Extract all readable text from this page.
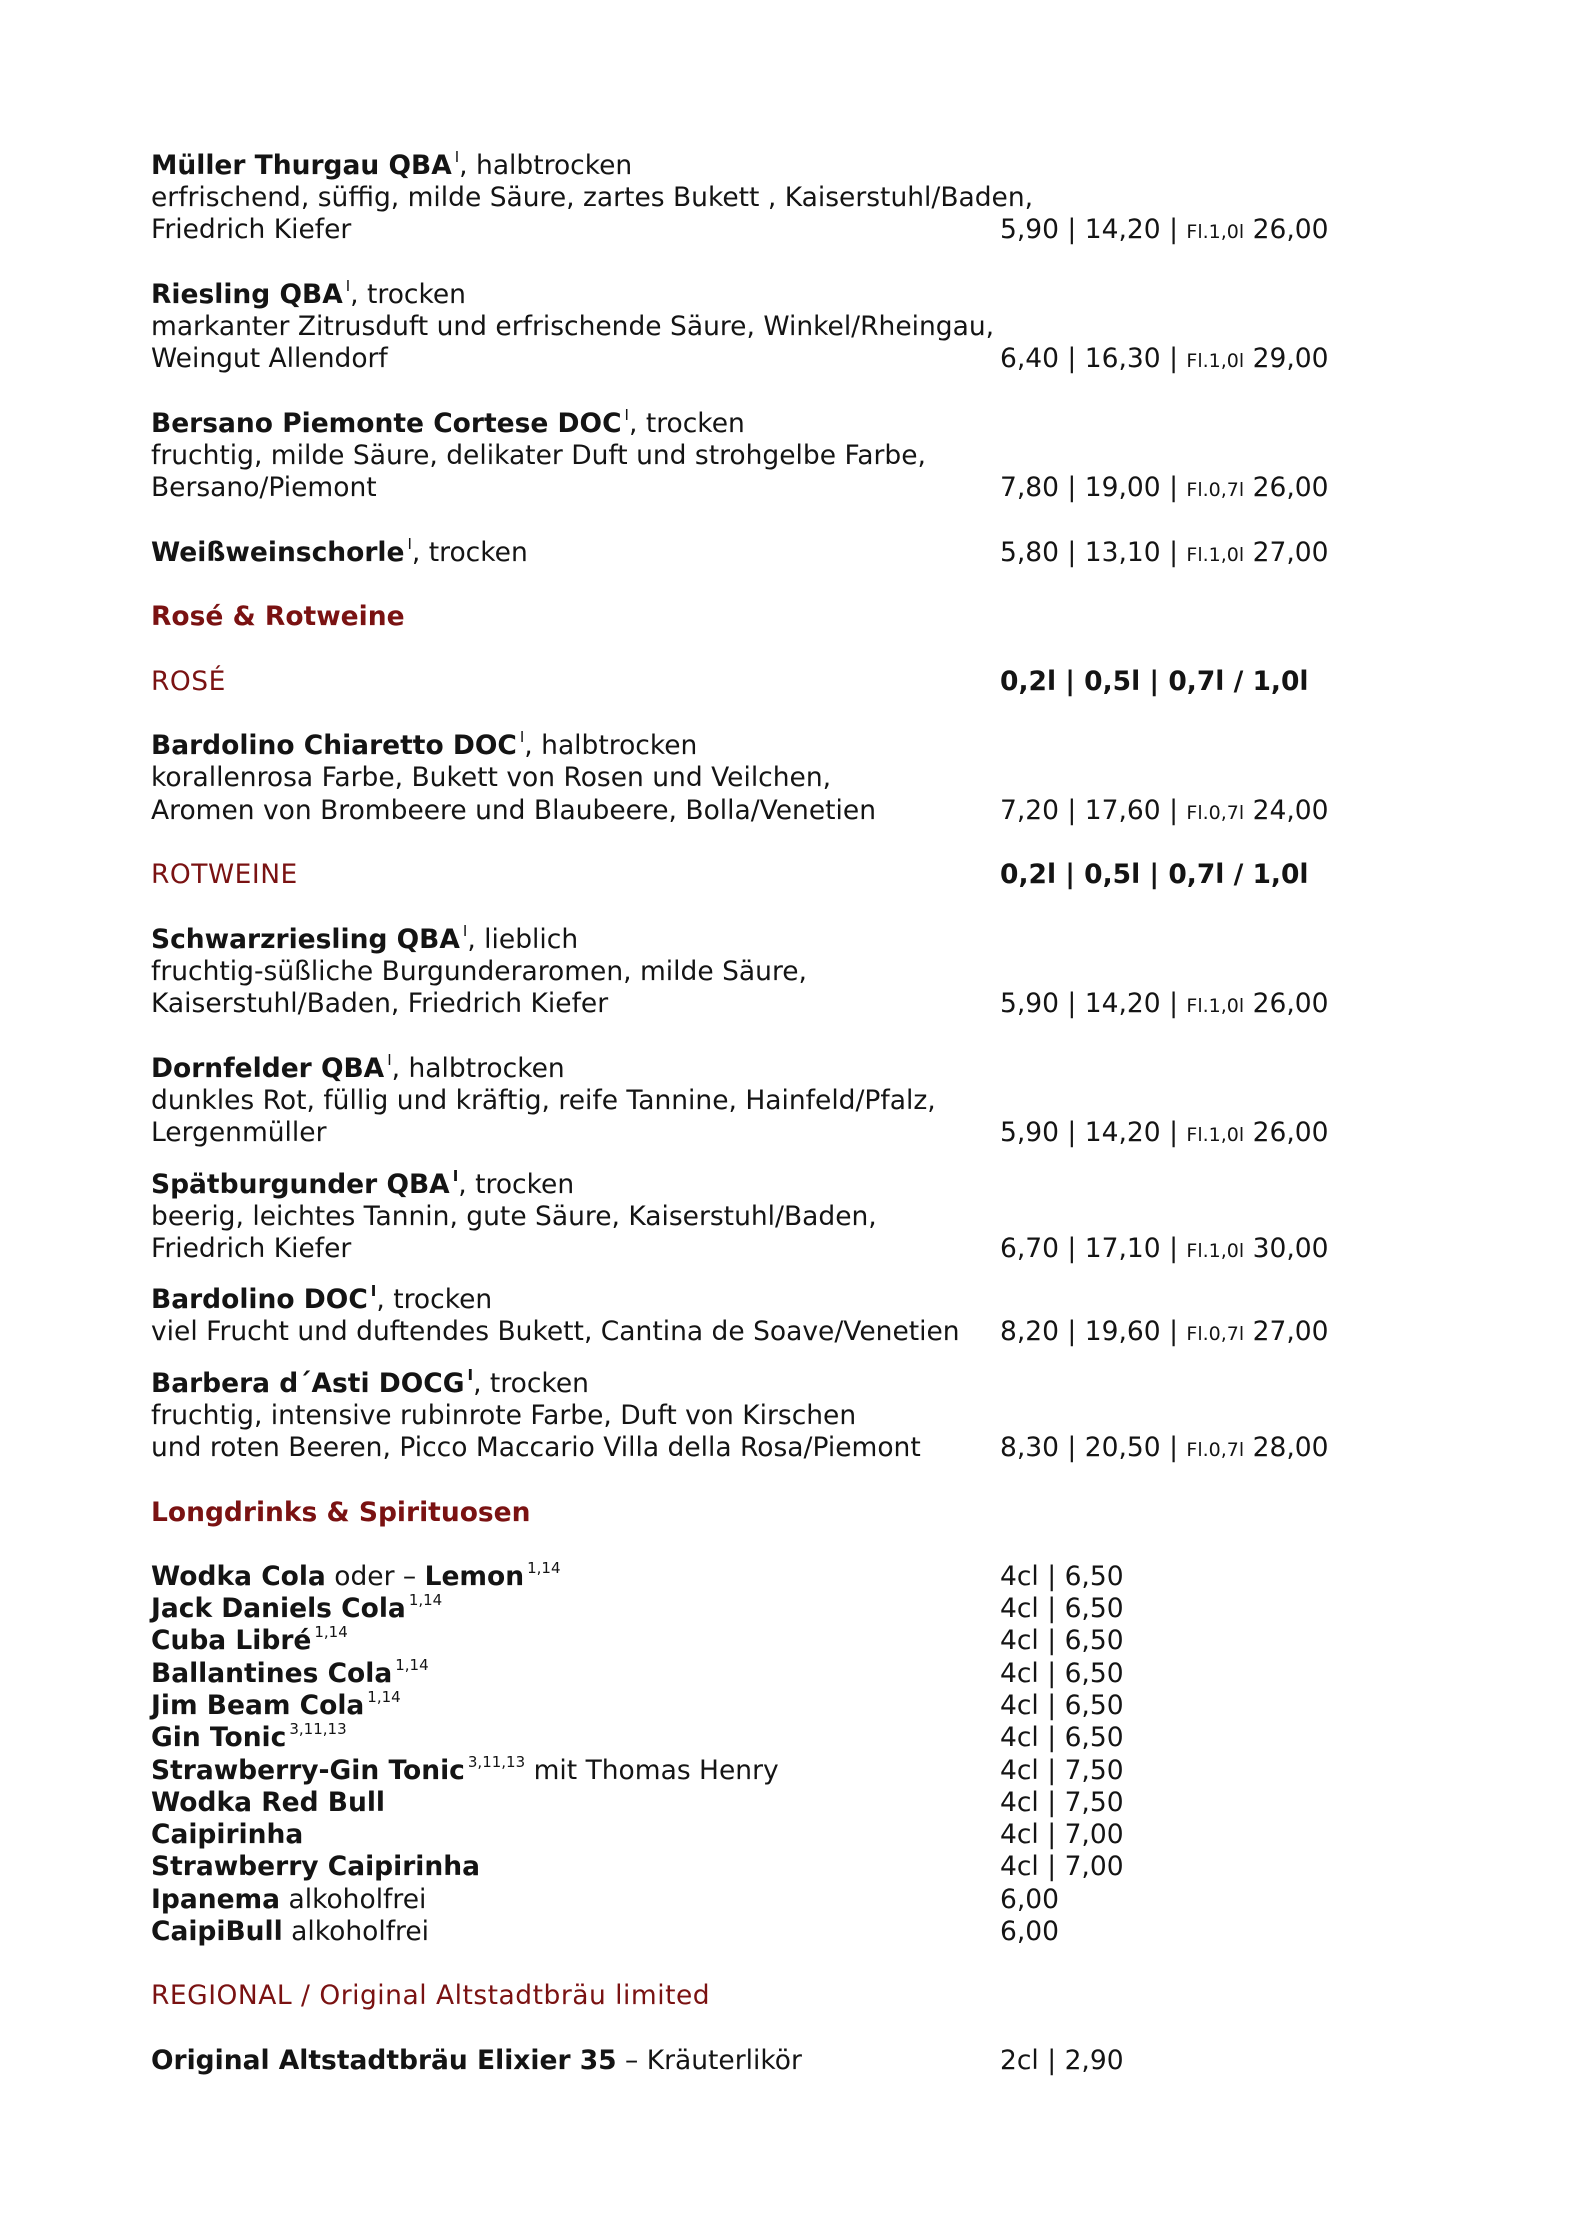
Müller Thurgau QBA $^I$, halbtrocken
erfrischend, süffig, milde Säure, zartes Bukett , Kaiserstuhl/Baden,
Friedrich Kiefer	5,90 | 14,20 | Fl.1,0l 26,00
Riesling QBA $^I$, trocken
markanter Zitrusduft und erfrischende Säure, Winkel/Rheingau,
Weingut Allendorf	6,40 | 16,30 | Fl.1,0l 29,00
Bersano Piemonte Cortese DOC $^I$, trocken
fruchtig, milde Säure, delikater Duft und strohgelbe Farbe,
Bersano/Piemont	7,80 | 19,00 | Fl.0,7l 26,00
Weißweinschorle $^I$, trocken	5,80 | 13,10 | Fl.1,0l 27,00
Rosé & Rotweine
ROSÉ	0,2l | 0,5l | 0,7l / 1,0l
Bardolino Chiaretto DOC $^I$, halbtrocken
korallenrosa Farbe, Bukett von Rosen und Veilchen,
Aromen von Brombeere und Blaubeere, Bolla/Venetien	7,20 | 17,60 | Fl.0,7l 24,00
ROTWEINE	0,2l | 0,5l | 0,7l / 1,0l
Schwarzriesling QBA $^I$, lieblich
fruchtig-süßliche Burgunderaromen, milde Säure,
Kaiserstuhl/Baden, Friedrich Kiefer	5,90 | 14,20 | Fl.1,0l 26,00
Dornfelder QBA $^I$, halbtrocken
dunkles Rot, füllig und kräftig, reife Tannine, Hainfeld/Pfalz,
Lergenmüller	5,90 | 14,20 | Fl.1,0l 26,00
Spätburgunder QBA $^I$, trocken
beerig, leichtes Tannin, gute Säure, Kaiserstuhl/Baden,
Friedrich Kiefer	6,70 | 17,10 | Fl.1,0l 30,00
Bardolino DOC $^I$, trocken
viel Frucht und duftendes Bukett, Cantina de Soave/Venetien 8,20 | 19,60 | Fl.0,7l 27,00
Barbera d´Asti DOCG $^I$, trocken
fruchtig, intensive rubinrote Farbe, Duft von Kirschen
und roten Beeren, Picco Maccario Villa della Rosa/Piemont	8,30 | 20,50 | Fl.0,7l 28,00
Longdrinks & Spirituosen
Wodka Cola oder – Lemon $^{1,14}$	4cl | 6,50
Jack Daniels Cola $^{1,14}$	4cl | 6,50
Cuba Libré $^{1,14}$	4cl | 6,50
Ballantines Cola $^{1,14}$	4cl | 6,50
Jim Beam Cola $^{1,14}$	4cl | 6,50
Gin Tonic $^{3,11,13}$	4cl | 6,50
Strawberry-Gin Tonic $^{3,11,13}$ mit Thomas Henry	4cl | 7,50
Wodka Red Bull	4cl | 7,50
Caipirinha	4cl | 7,00
Strawberry Caipirinha	4cl | 7,00
Ipanema alkoholfrei	6,00
CaipiBull alkoholfrei	6,00
REGIONAL / Original Altstadtbräu limited
Original Altstadtbräu Elixier 35 – Kräuterlikör	2cl | 2,90
